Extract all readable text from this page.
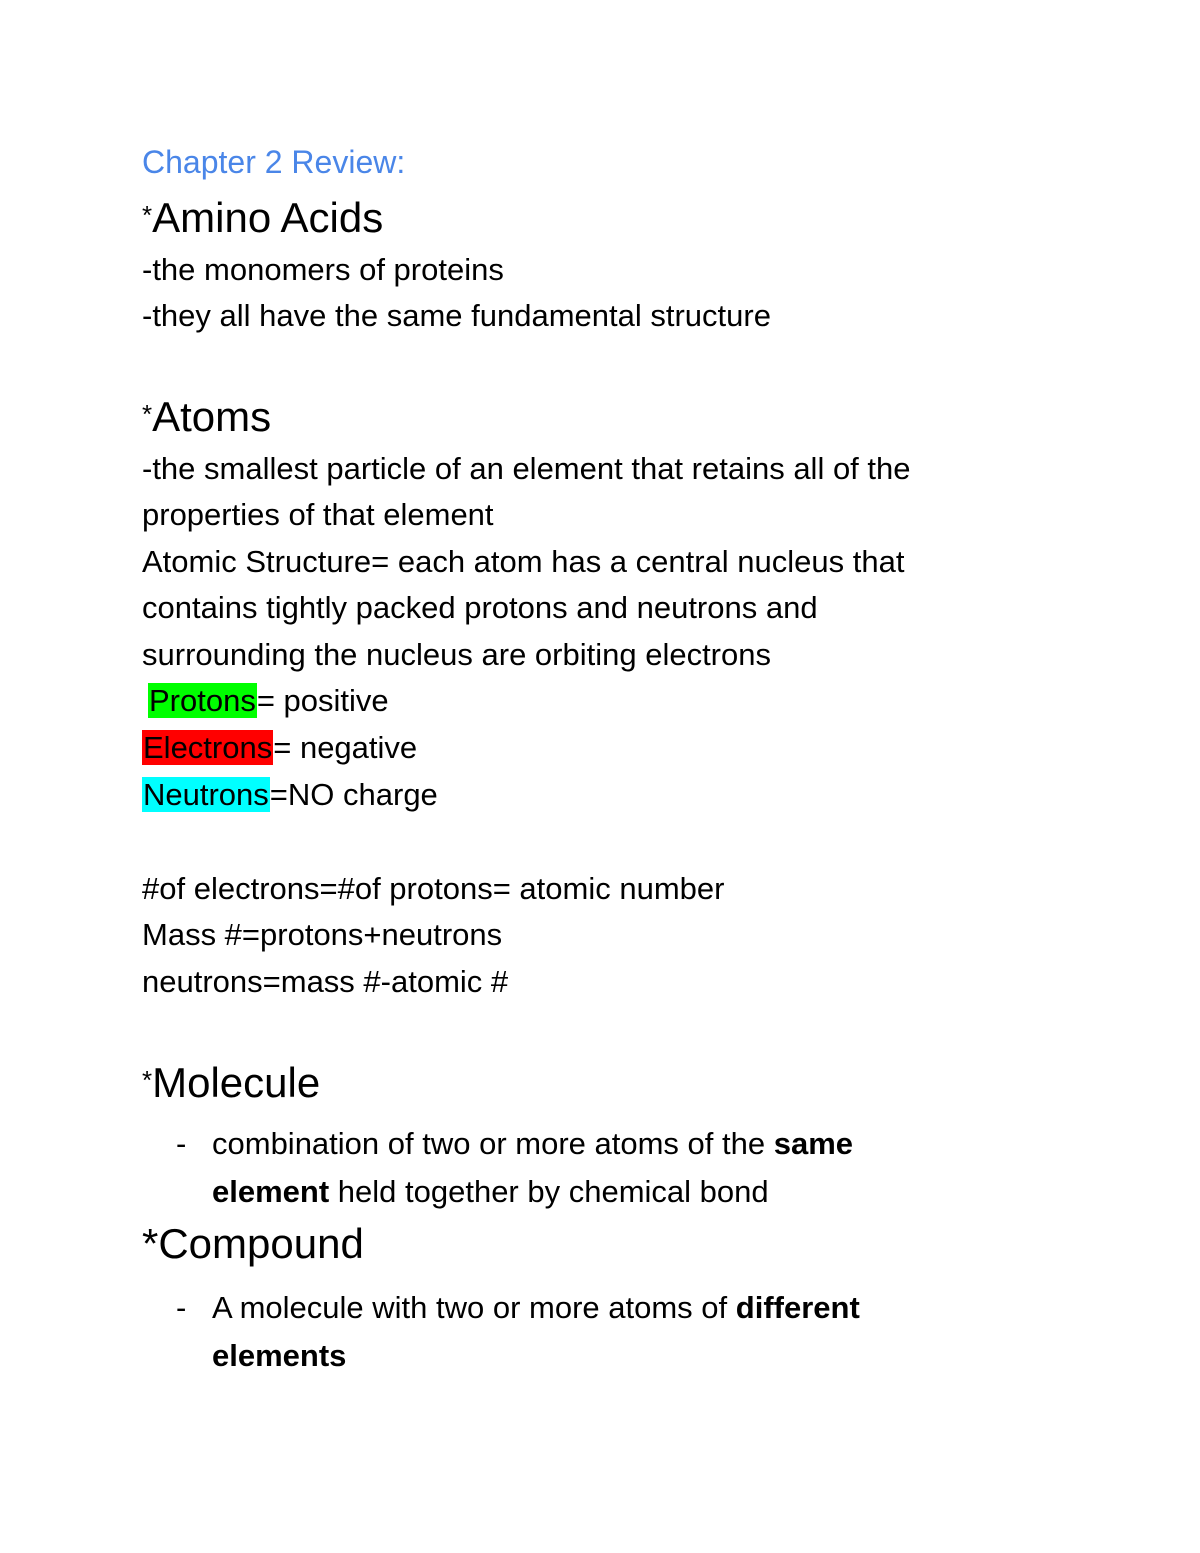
Chapter 2 Review:
*Amino Acids
-the monomers of proteins
-they all have the same fundamental structure
*Atoms
-the smallest particle of an element that retains all of the
properties of that element
Atomic Structure= each atom has a central nucleus that
contains tightly packed protons and neutrons and
surrounding the nucleus are orbiting electrons
Protons= positive
Electrons= negative
Neutrons=NO charge
#of electrons=#of protons= atomic number
Mass #=protons+neutrons
neutrons=mass #-atomic #
*Molecule
- combination of two or more atoms of the same
element held together by chemical bond
*Compound
- A molecule with two or more atoms of different
elements
